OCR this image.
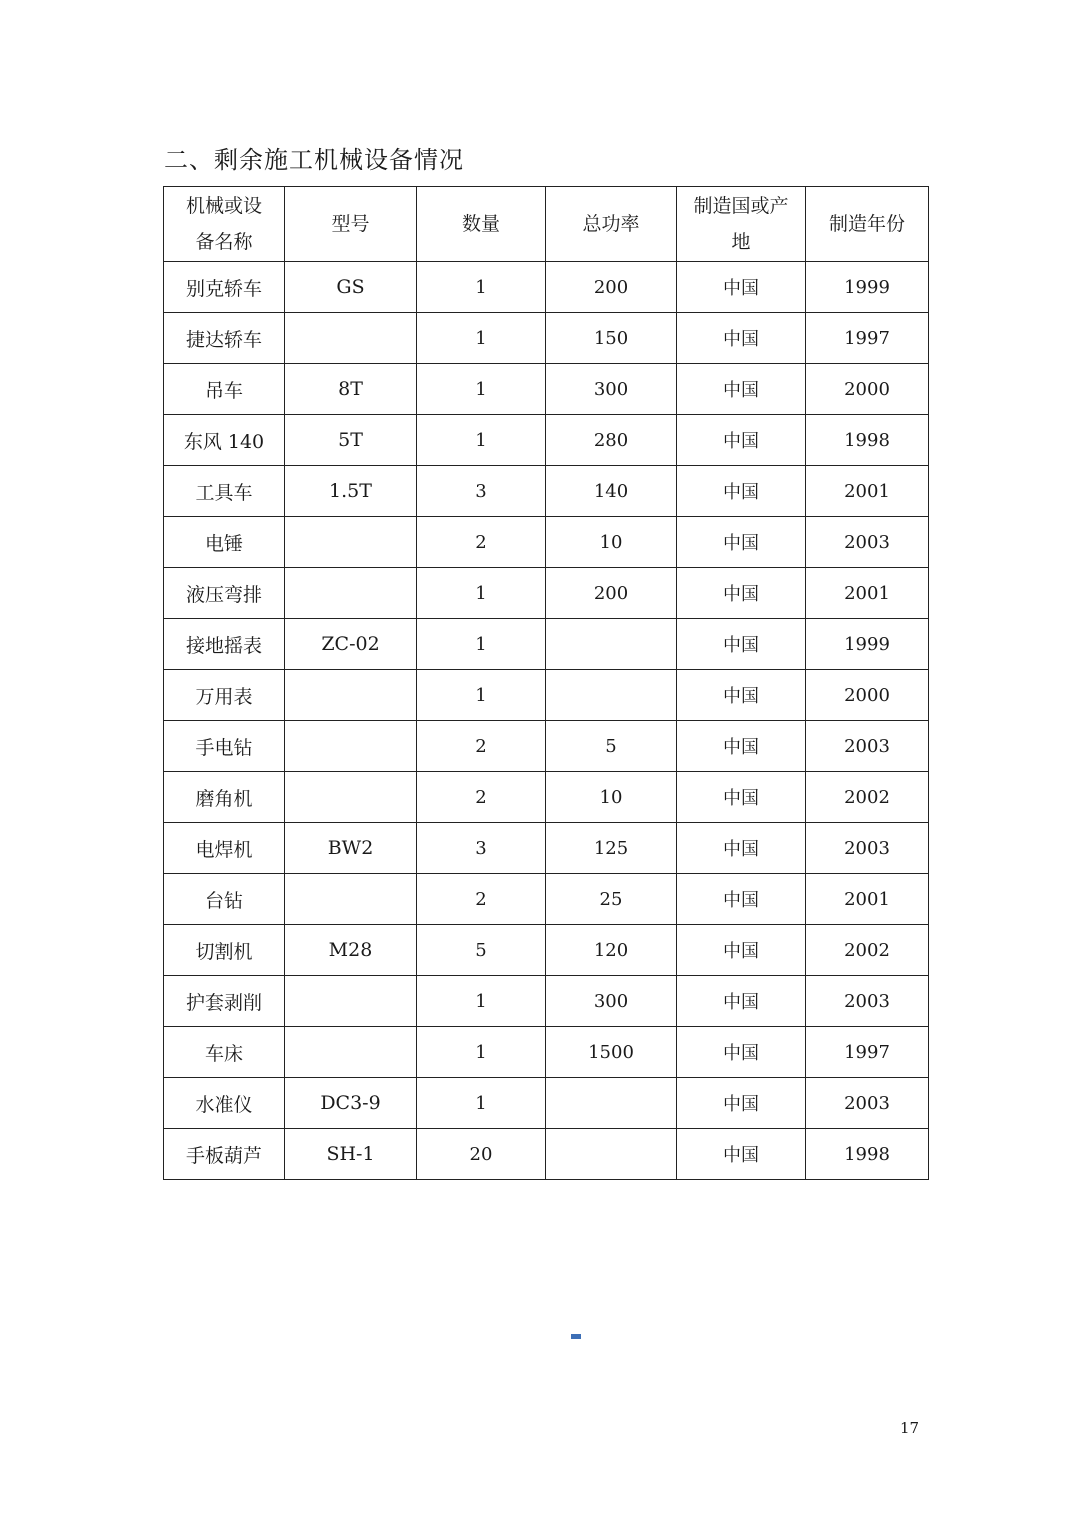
二、剩余施工机械设备情况
机械或设备名称	型号	数量	总功率	制造国或产地	制造年份
别克轿车	GS	1	200	中国	1999
捷达轿车		1	150	中国	1997
吊车	8T	1	300	中国	2000
东风 140	5T	1	280	中国	1998
工具车	1.5T	3	140	中国	2001
电锤		2	10	中国	2003
液压弯排		1	200	中国	2001
接地摇表	ZC-02	1		中国	1999
万用表		1		中国	2000
手电钻		2	5	中国	2003
磨角机		2	10	中国	2002
电焊机	BW2	3	125	中国	2003
台钻		2	25	中国	2001
切割机	M28	5	120	中国	2002
护套剥削		1	300	中国	2003
车床		1	1500	中国	1997
水准仪	DC3-9	1		中国	2003
手板葫芦	SH-1	20		中国	1998
17
